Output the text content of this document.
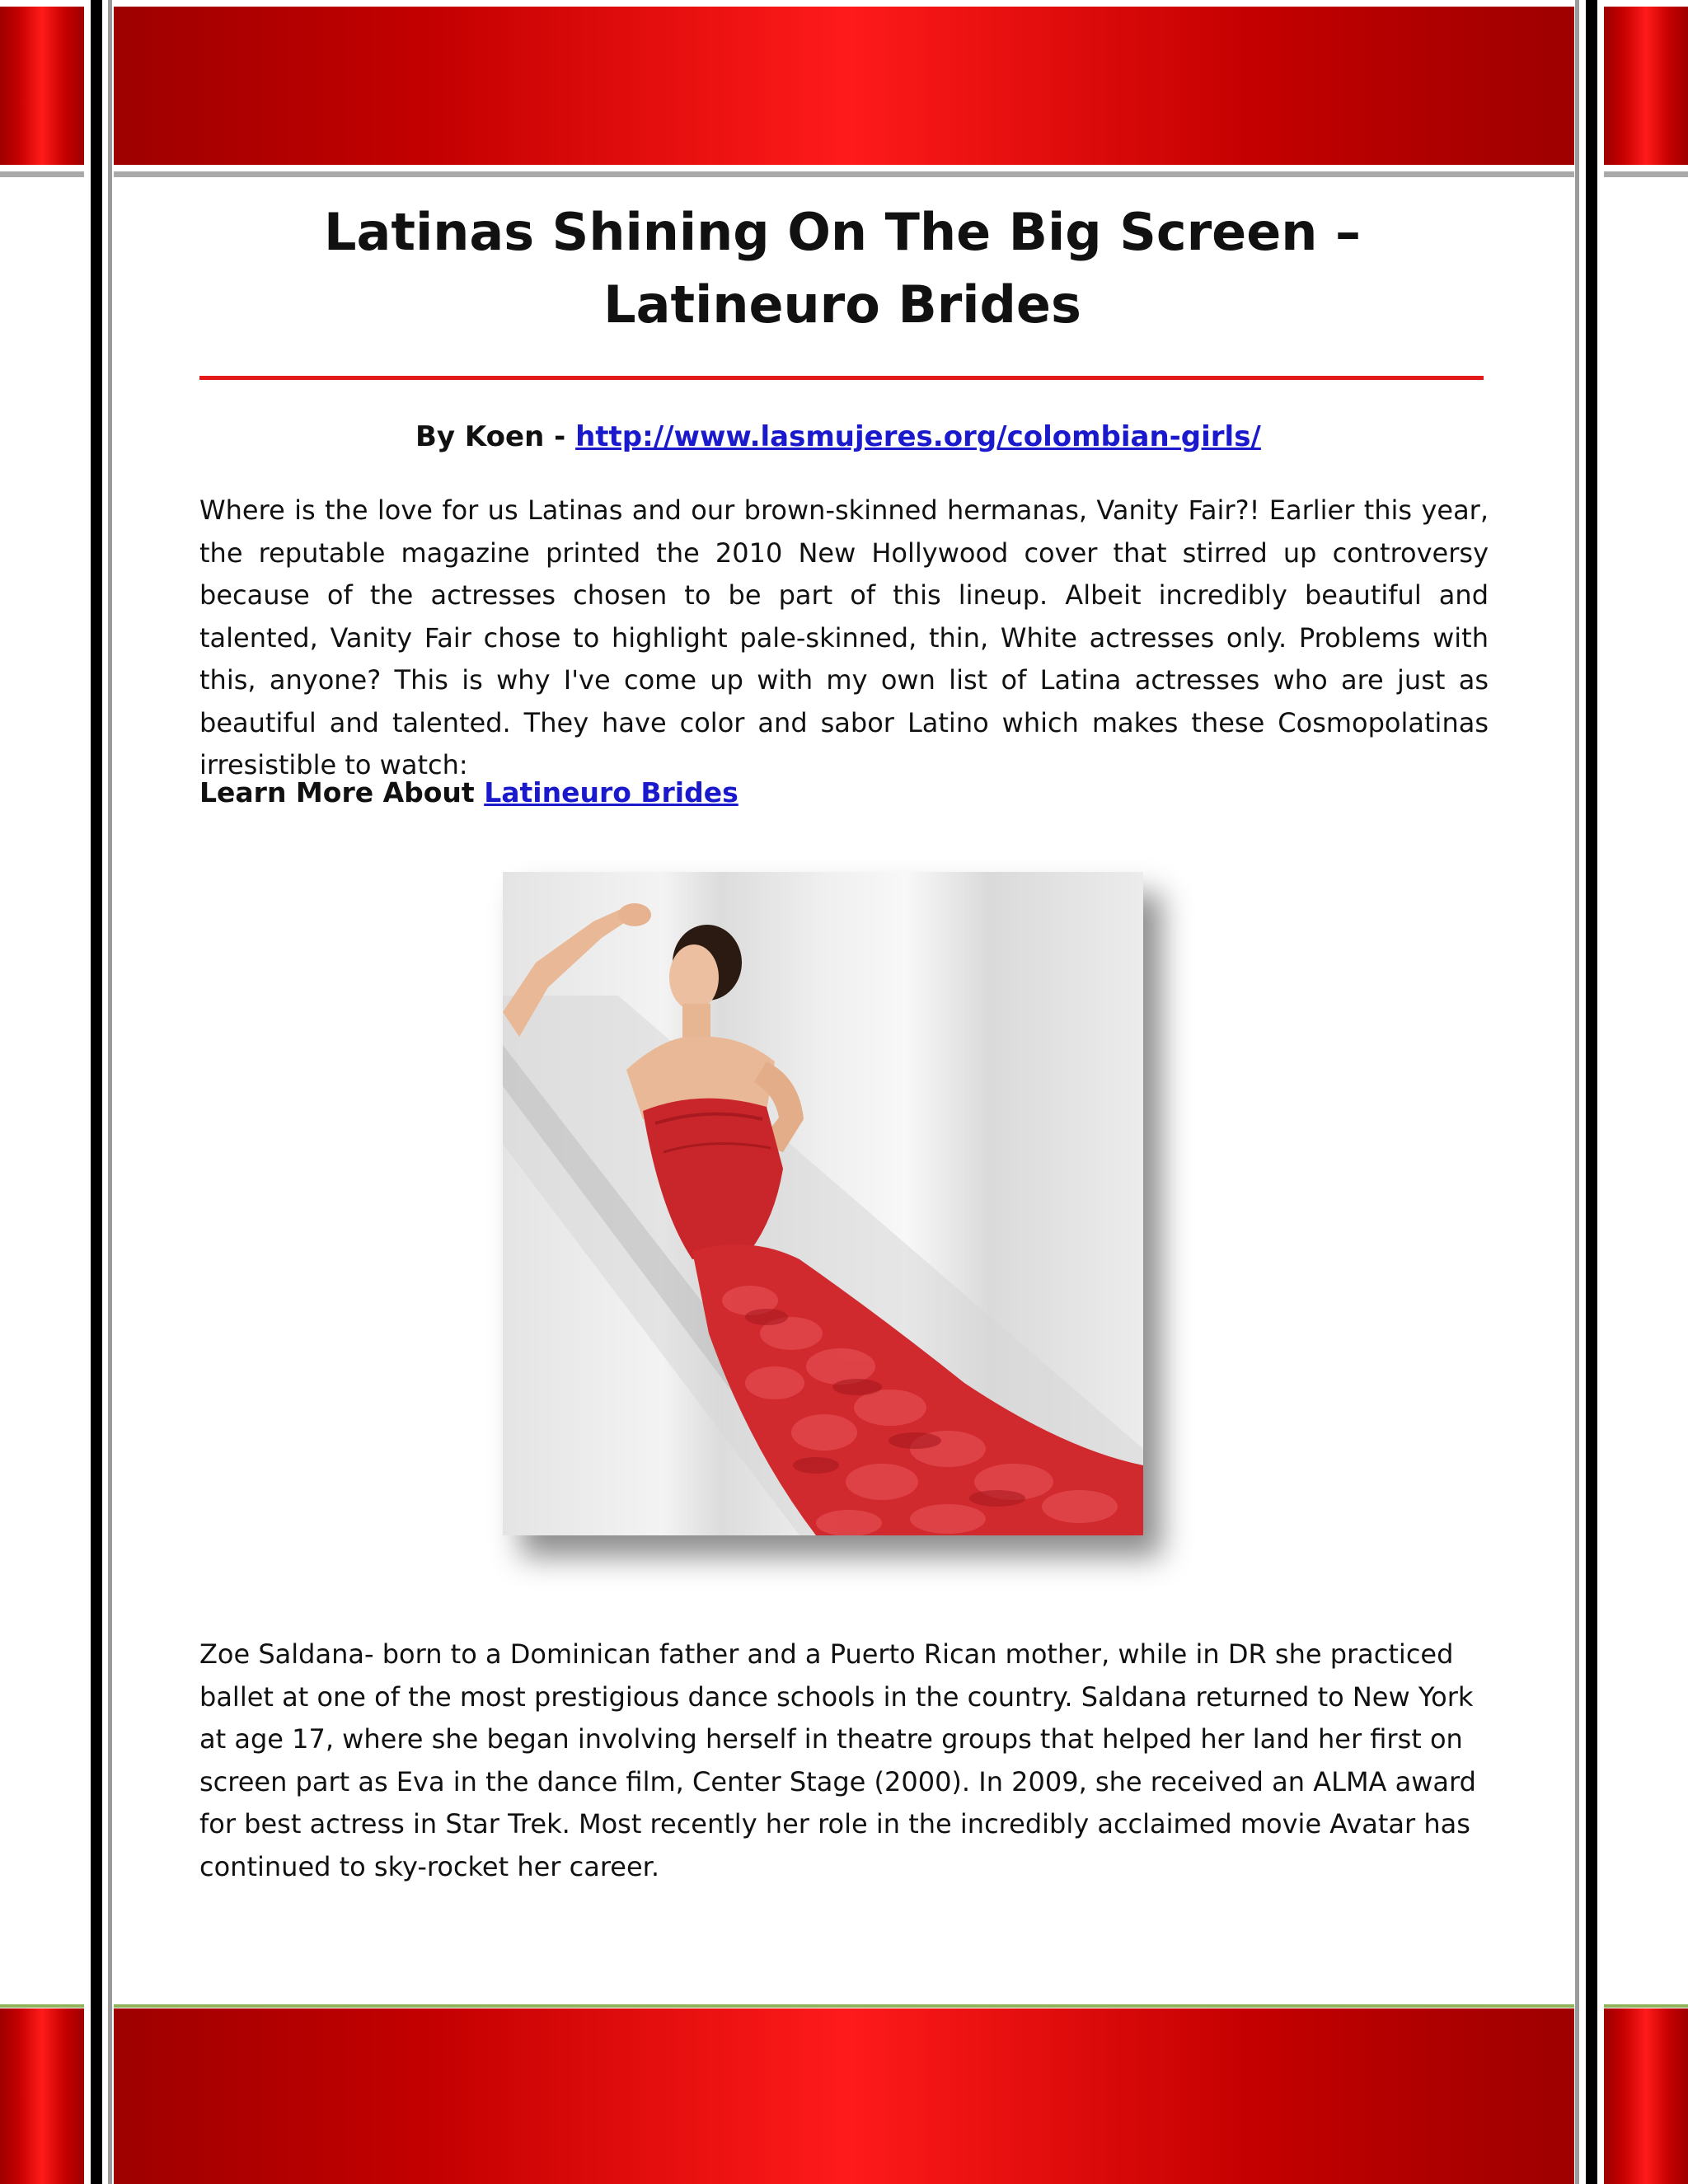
Latinas Shining On The Big Screen – Latineuro Brides
By Koen - http://www.lasmujeres.org/colombian-girls/

Where is the love for us Latinas and our brown-skinned hermanas, Vanity Fair?! Earlier this year, the reputable magazine printed the 2010 New Hollywood cover that stirred up controversy because of the actresses chosen to be part of this lineup. Albeit incredibly beautiful and talented, Vanity Fair chose to highlight pale-skinned, thin, White actresses only. Problems with this, anyone? This is why I've come up with my own list of Latina actresses who are just as beautiful and talented. They have color and sabor Latino which makes these Cosmopolatinas irresistible to watch:

Learn More About Latineuro Brides

Zoe Saldana- born to a Dominican father and a Puerto Rican mother, while in DR she practiced ballet at one of the most prestigious dance schools in the country. Saldana returned to New York at age 17, where she began involving herself in theatre groups that helped her land her first on screen part as Eva in the dance film, Center Stage (2000). In 2009, she received an ALMA award for best actress in Star Trek. Most recently her role in the incredibly acclaimed movie Avatar has continued to sky-rocket her career.
